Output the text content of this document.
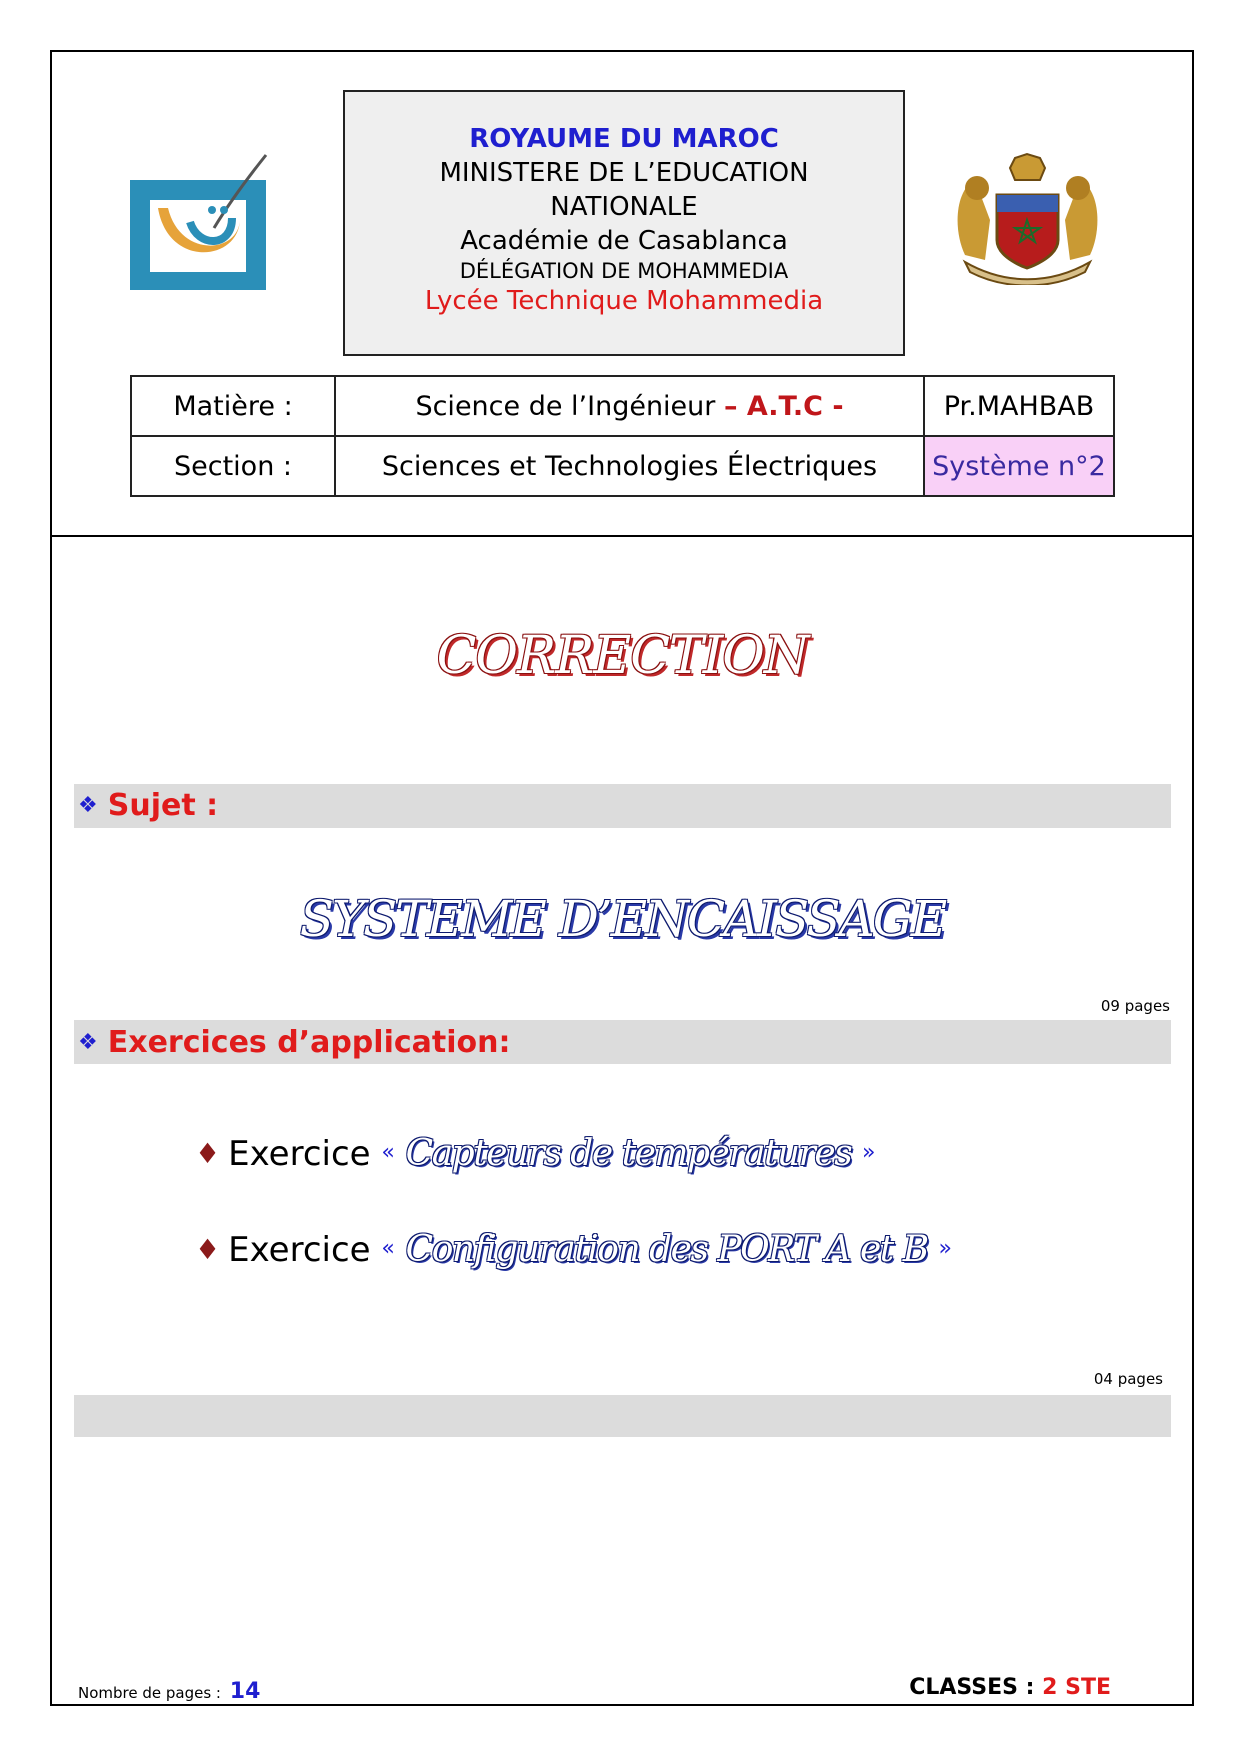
ROYAUME DU MAROC
MINISTERE DE L’EDUCATION
NATIONALE
Académie de Casablanca
DÉLÉGATION DE MOHAMMEDIA
Lycée Technique Mohammedia
Matière :	Science de l’Ingénieur – A.T.C -	Pr.MAHBAB
Section :	Sciences et Technologies Électriques	Système n°2
CORRECTION
❖ Sujet :
SYSTEME D’ENCAISSAGE
09 pages
❖ Exercices d’application:
♦ Exercice « Capteurs de températures »
♦ Exercice « Configuration des PORT A et B »
04 pages
Nombre de pages : 14	CLASSES : 2 STE
